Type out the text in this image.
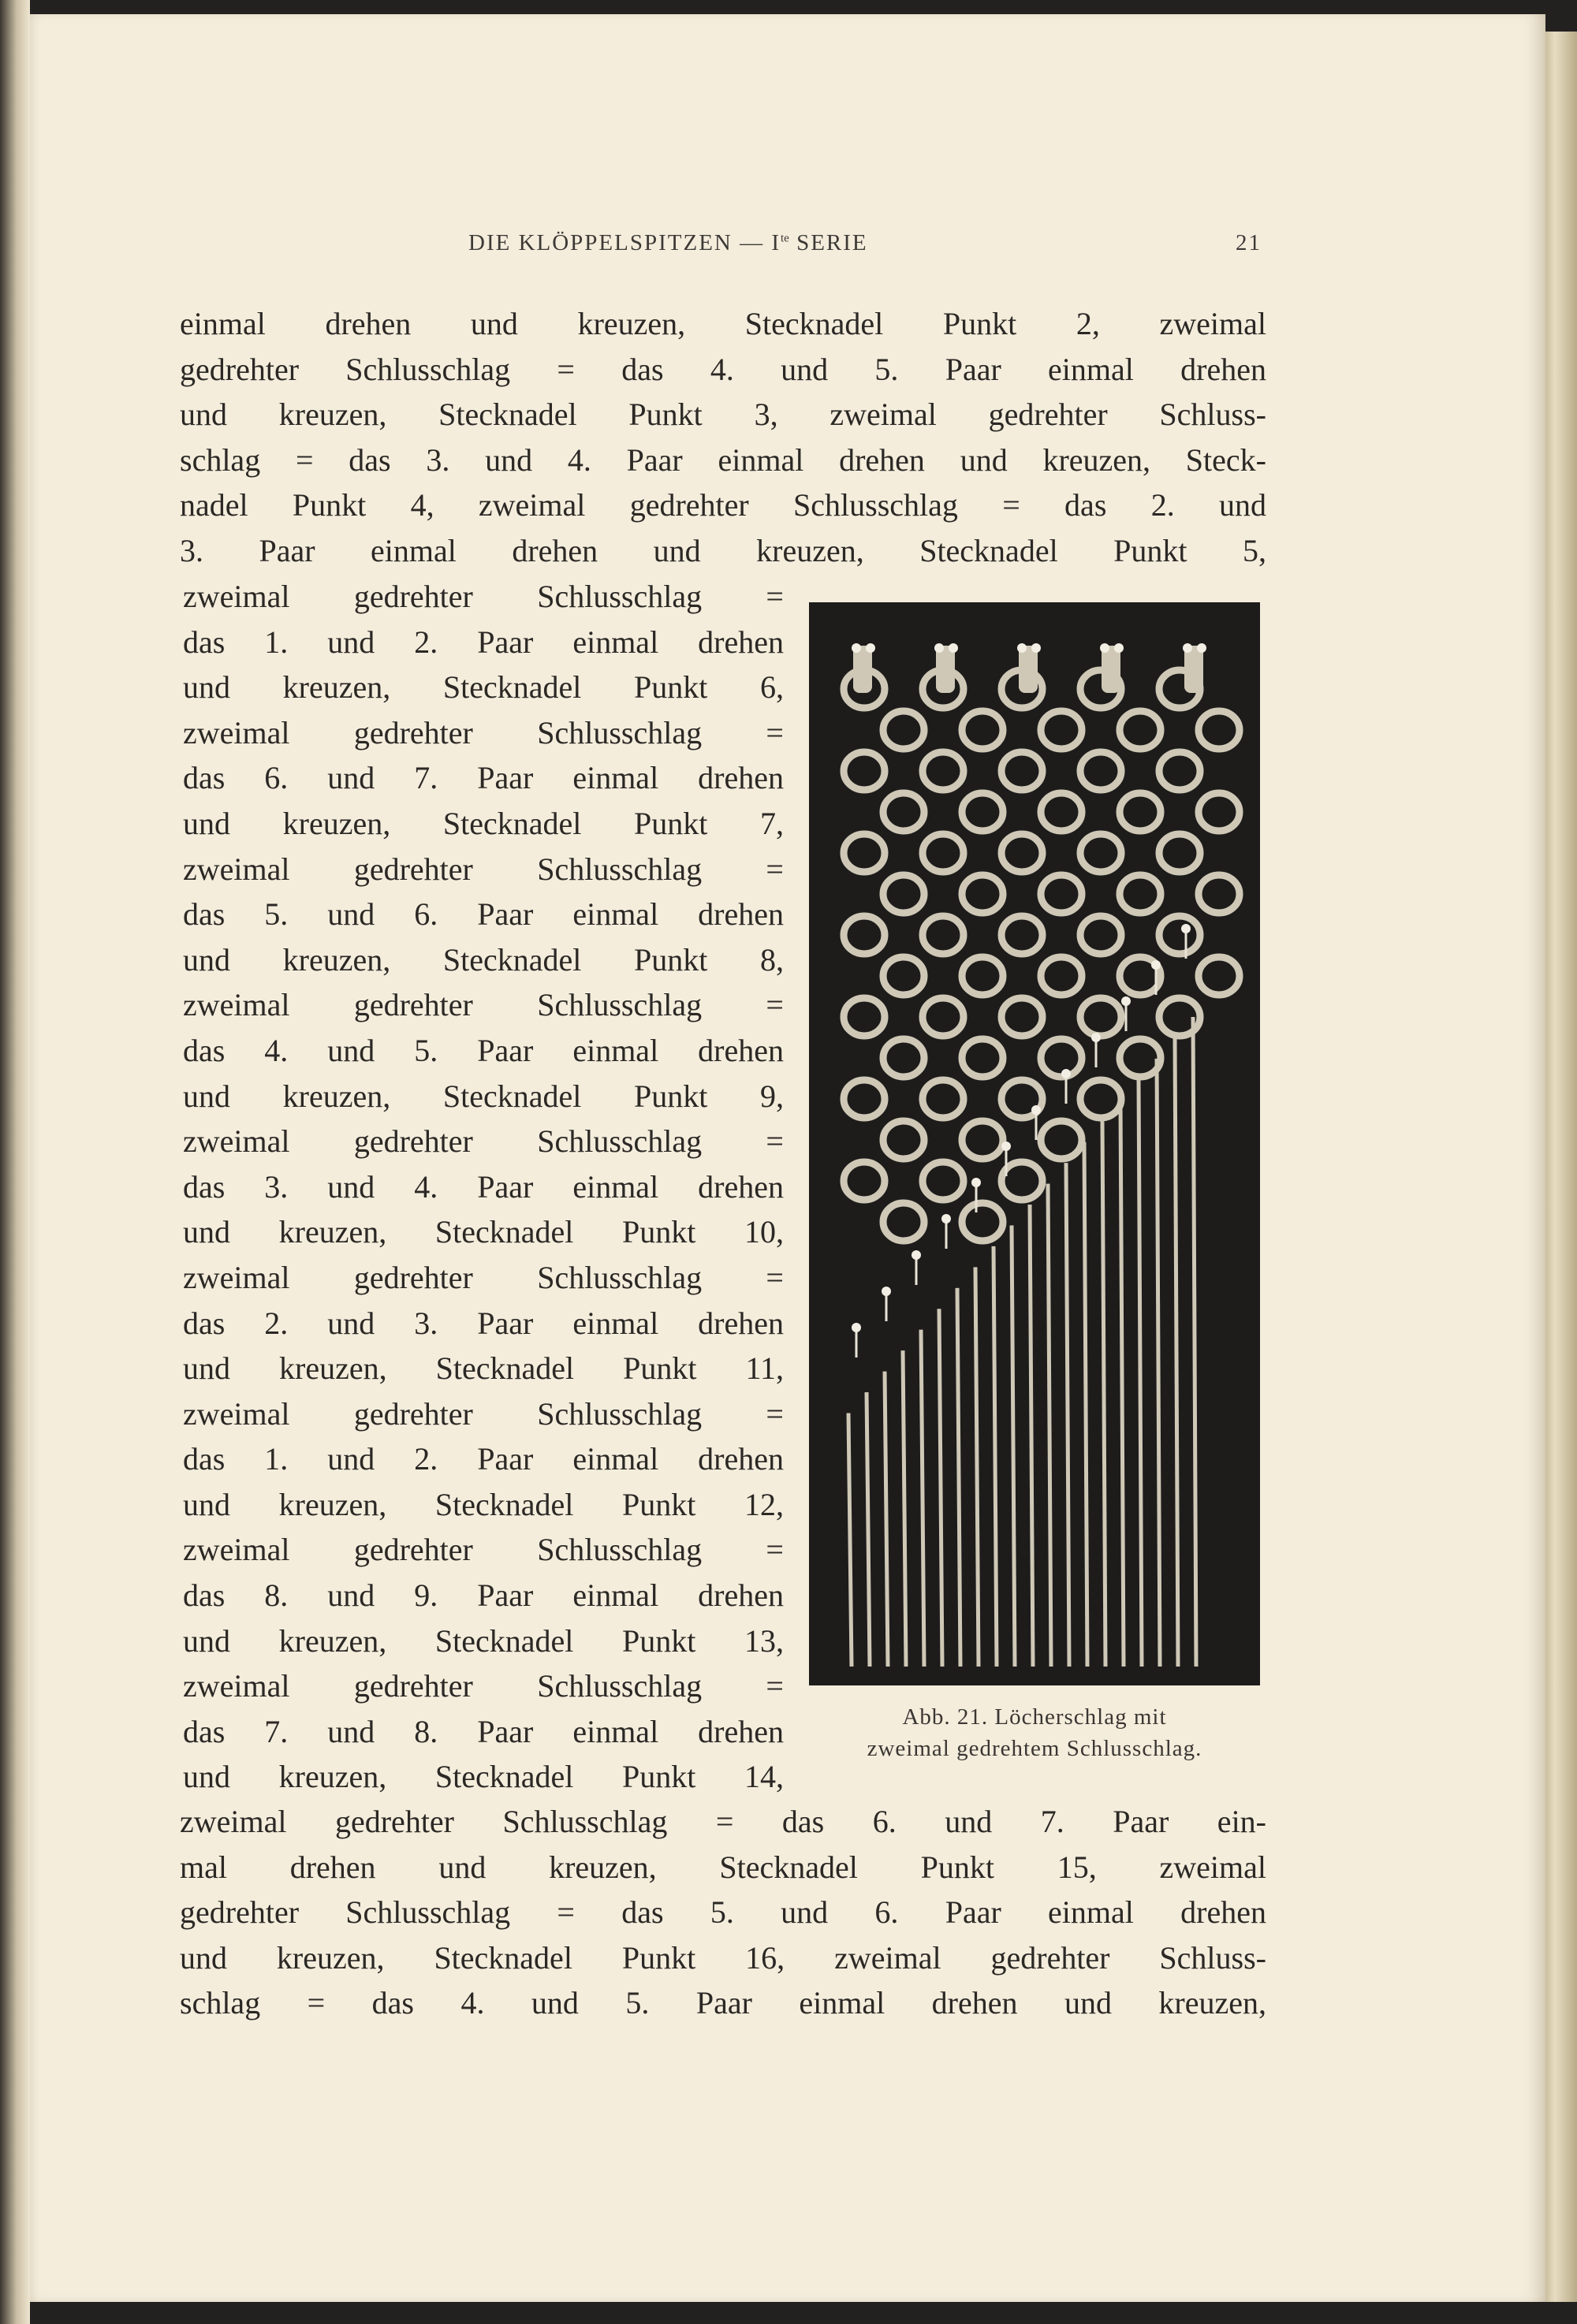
DIE KLÖPPELSPITZEN — $I^{te}$ SERIE	21
einmal drehen und kreuzen, Stecknadel Punkt 2, zweimal
gedrehter Schlusschlag = das 4. und 5. Paar einmal drehen
und kreuzen, Stecknadel Punkt 3, zweimal gedrehter Schluss-
schlag = das 3. und 4. Paar einmal drehen und kreuzen, Steck-
nadel Punkt 4, zweimal gedrehter Schlusschlag = das 2. und
3. Paar einmal drehen und kreuzen, Stecknadel Punkt 5,
zweimal gedrehter Schlusschlag =
das 1. und 2. Paar einmal drehen
und kreuzen, Stecknadel Punkt 6,
zweimal gedrehter Schlusschlag =
das 6. und 7. Paar einmal drehen
und kreuzen, Stecknadel Punkt 7,
zweimal gedrehter Schlusschlag =
das 5. und 6. Paar einmal drehen
und kreuzen, Stecknadel Punkt 8,
zweimal gedrehter Schlusschlag =
das 4. und 5. Paar einmal drehen
und kreuzen, Stecknadel Punkt 9,
zweimal gedrehter Schlusschlag =
das 3. und 4. Paar einmal drehen
und kreuzen, Stecknadel Punkt 10,
zweimal gedrehter Schlusschlag =
das 2. und 3. Paar einmal drehen
und kreuzen, Stecknadel Punkt 11,
zweimal gedrehter Schlusschlag =
das 1. und 2. Paar einmal drehen
und kreuzen, Stecknadel Punkt 12,
zweimal gedrehter Schlusschlag =
das 8. und 9. Paar einmal drehen
und kreuzen, Stecknadel Punkt 13,
zweimal gedrehter Schlusschlag =
das 7. und 8. Paar einmal drehen
und kreuzen, Stecknadel Punkt 14,
zweimal gedrehter Schlusschlag = das 6. und 7. Paar ein-
mal drehen und kreuzen, Stecknadel Punkt 15, zweimal
gedrehter Schlusschlag = das 5. und 6. Paar einmal drehen
und kreuzen, Stecknadel Punkt 16, zweimal gedrehter Schluss-
schlag = das 4. und 5. Paar einmal drehen und kreuzen,
Abb. 21. Löcherschlag mit
zweimal gedrehtem Schlusschlag.
